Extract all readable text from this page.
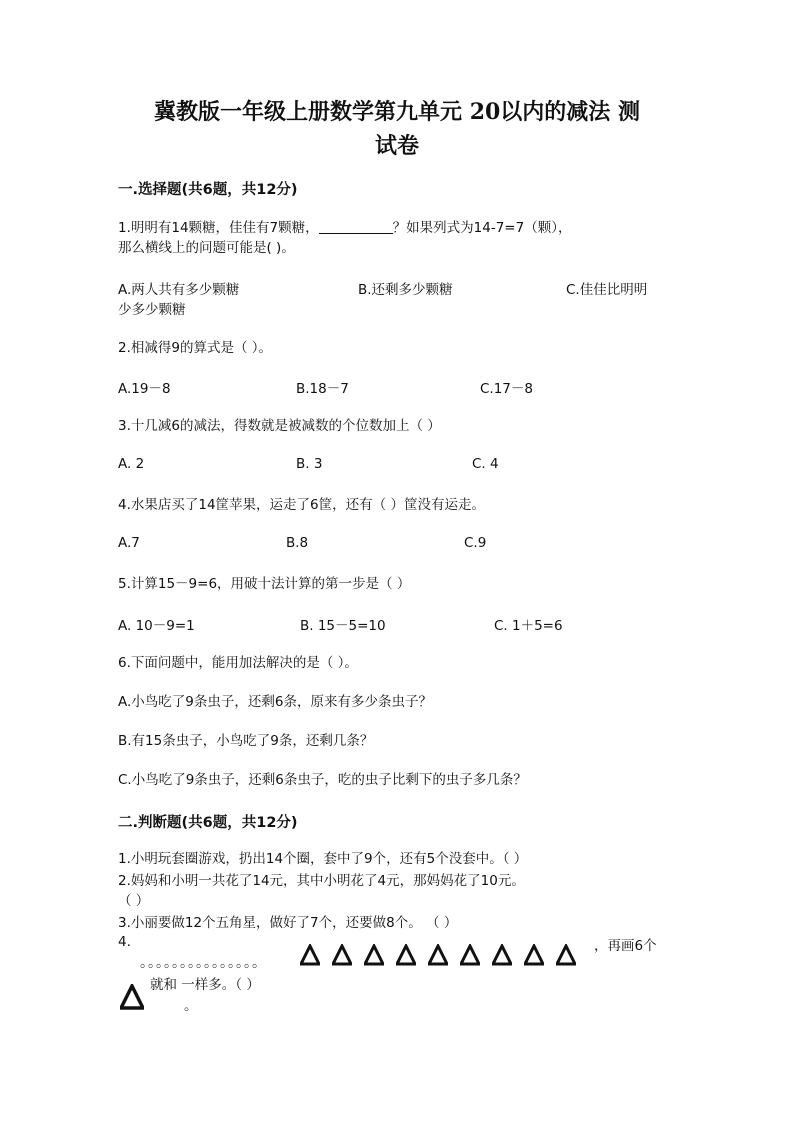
冀教版一年级上册数学第九单元 20以内的减法 测
试卷
一.选择题(共6题，共12分)
1.明明有14颗糖，佳佳有7颗糖，	？如果列式为14-7=7（颗），
那么横线上的问题可能是( )。
A.两人共有多少颗糖	B.还剩多少颗糖	C.佳佳比明明
少多少颗糖
2.相减得9的算式是（ ）。
A.19－8	B.18－7	C.17－8
3.十几减6的减法，得数就是被减数的个位数加上（ ）
A. 2	B. 3	C. 4
4.水果店买了14筐苹果，运走了6筐，还有（ ）筐没有运走。
A.7	B.8	C.9
5.计算15－9=6，用破十法计算的第一步是（ ）
A. 10－9=1	B. 15－5=10	C. 1＋5=6
6.下面问题中，能用加法解决的是（ ）。
A.小鸟吃了9条虫子，还剩6条，原来有多少条虫子？
B.有15条虫子，小鸟吃了9条，还剩几条？
C.小鸟吃了9条虫子，还剩6条虫子，吃的虫子比剩下的虫子多几条？
二.判断题(共6题，共12分)
1.小明玩套圈游戏，扔出14个圈，套中了9个，还有5个没套中。（ ）
2.妈妈和小明一共花了14元，其中小明花了4元，那妈妈花了10元。
（ ）
3.小丽要做12个五角星，做好了7个，还要做8个。 （ ）
4.
。。。。。。。。。。。。。。。
，再画6个
就和 一样多。（ ）
。
